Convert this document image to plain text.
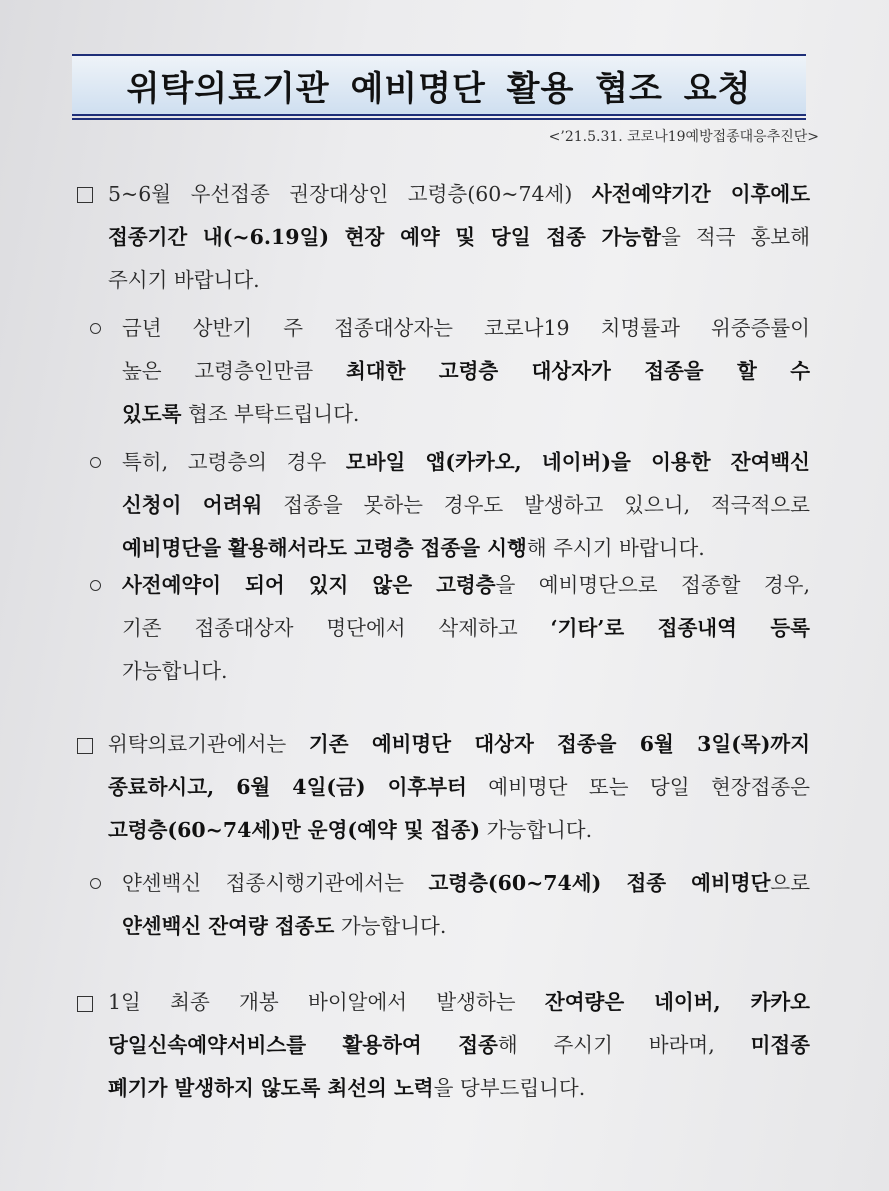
위탁의료기관 예비명단 활용 협조 요청
<’21.5.31. 코로나19예방접종대응추진단>
5~6월 우선접종 권장대상인 고령층(60~74세) 사전예약기간 이후에도
접종기간 내(~6.19일) 현장 예약 및 당일 접종 가능함을 적극 홍보해
주시기 바랍니다.
금년 상반기 주 접종대상자는 코로나19 치명률과 위중증률이
높은 고령층인만큼 최대한 고령층 대상자가 접종을 할 수
있도록 협조 부탁드립니다.
특히, 고령층의 경우 모바일 앱(카카오, 네이버)을 이용한 잔여백신
신청이 어려워 접종을 못하는 경우도 발생하고 있으니, 적극적으로
예비명단을 활용해서라도 고령층 접종을 시행해 주시기 바랍니다.
사전예약이 되어 있지 않은 고령층을 예비명단으로 접종할 경우,
기존 접종대상자 명단에서 삭제하고 ‘기타’로 접종내역 등록
가능합니다.
위탁의료기관에서는 기존 예비명단 대상자 접종을 6월 3일(목)까지
종료하시고, 6월 4일(금) 이후부터 예비명단 또는 당일 현장접종은
고령층(60~74세)만 운영(예약 및 접종) 가능합니다.
얀센백신 접종시행기관에서는 고령층(60~74세) 접종 예비명단으로
얀센백신 잔여량 접종도 가능합니다.
1일 최종 개봉 바이알에서 발생하는 잔여량은 네이버, 카카오
당일신속예약서비스를 활용하여 접종해 주시기 바라며, 미접종
폐기가 발생하지 않도록 최선의 노력을 당부드립니다.
